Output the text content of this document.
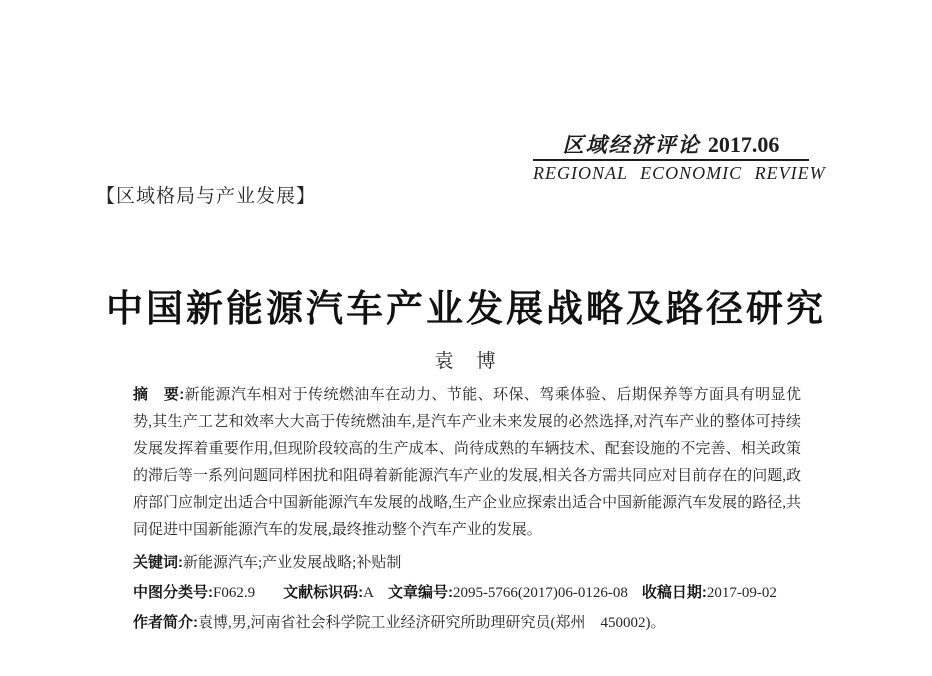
区域经济评论 2017.06
REGIONAL ECONOMIC REVIEW
【区域格局与产业发展】
中国新能源汽车产业发展战略及路径研究
袁　博

摘　要:新能源汽车相对于传统燃油车在动力、节能、环保、驾乘体验、后期保养等方面具有明显优势,其生产工艺和效率大大高于传统燃油车,是汽车产业未来发展的必然选择,对汽车产业的整体可持续发展发挥着重要作用,但现阶段较高的生产成本、尚待成熟的车辆技术、配套设施的不完善、相关政策的滞后等一系列问题同样困扰和阻碍着新能源汽车产业的发展,相关各方需共同应对目前存在的问题,政府部门应制定出适合中国新能源汽车发展的战略,生产企业应探索出适合中国新能源汽车发展的路径,共同促进中国新能源汽车的发展,最终推动整个汽车产业的发展。

关键词:新能源汽车;产业发展战略;补贴制

中图分类号:F062.9 文献标识码:A 文章编号:2095-5766(2017)06-0126-08 收稿日期:2017-09-02

作者简介:袁博,男,河南省社会科学院工业经济研究所助理研究员(郑州　450002)。
